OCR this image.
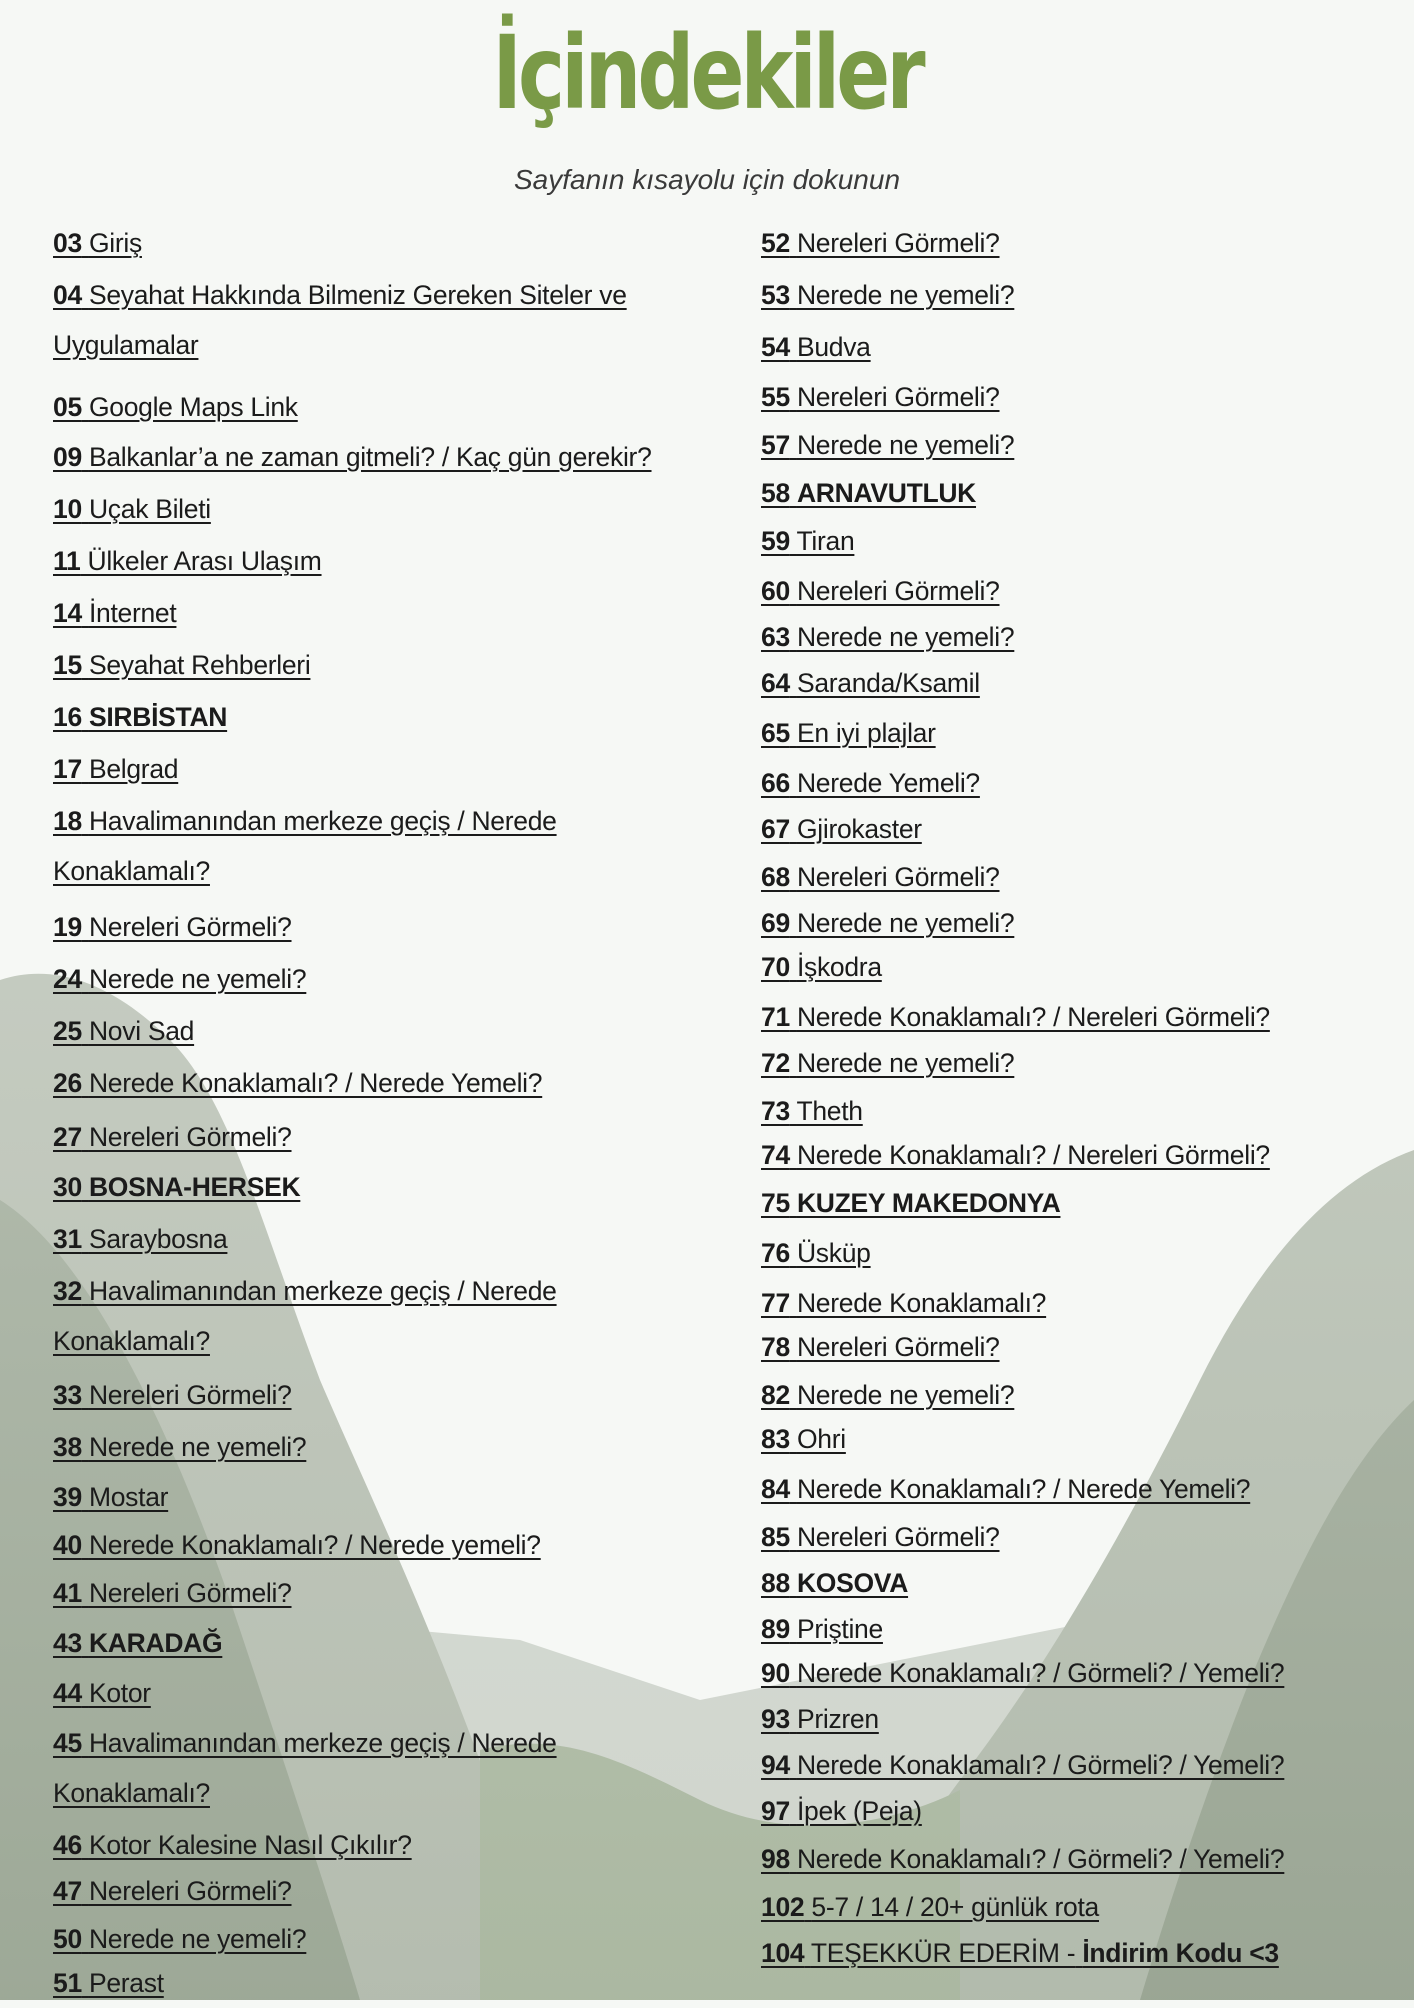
İçindekiler
Sayfanın kısayolu için dokunun
03 Giriş
04 Seyahat Hakkında Bilmeniz Gereken Siteler ve Uygulamalar
05 Google Maps Link
09 Balkanlar’a ne zaman gitmeli? / Kaç gün gerekir?
10 Uçak Bileti
11 Ülkeler Arası Ulaşım
14 İnternet
15 Seyahat Rehberleri
16 SIRBİSTAN
17 Belgrad
18 Havalimanından merkeze geçiş / Nerede Konaklamalı?
19 Nereleri Görmeli?
24 Nerede ne yemeli?
25 Novi Sad
26 Nerede Konaklamalı? / Nerede Yemeli?
27 Nereleri Görmeli?
30 BOSNA-HERSEK
31 Saraybosna
32 Havalimanından merkeze geçiş / Nerede Konaklamalı?
33 Nereleri Görmeli?
38 Nerede ne yemeli?
39 Mostar
40 Nerede Konaklamalı? / Nerede yemeli?
41 Nereleri Görmeli?
43 KARADAĞ
44 Kotor
45 Havalimanından merkeze geçiş / Nerede Konaklamalı?
46 Kotor Kalesine Nasıl Çıkılır?
47 Nereleri Görmeli?
50 Nerede ne yemeli?
51 Perast
52 Nereleri Görmeli?
53 Nerede ne yemeli?
54 Budva
55 Nereleri Görmeli?
57 Nerede ne yemeli?
58 ARNAVUTLUK
59 Tiran
60 Nereleri Görmeli?
63 Nerede ne yemeli?
64 Saranda/Ksamil
65 En iyi plajlar
66 Nerede Yemeli?
67 Gjirokaster
68 Nereleri Görmeli?
69 Nerede ne yemeli?
70 İşkodra
71 Nerede Konaklamalı? / Nereleri Görmeli?
72 Nerede ne yemeli?
73 Theth
74 Nerede Konaklamalı? / Nereleri Görmeli?
75 KUZEY MAKEDONYA
76 Üsküp
77 Nerede Konaklamalı?
78 Nereleri Görmeli?
82 Nerede ne yemeli?
83 Ohri
84 Nerede Konaklamalı? / Nerede Yemeli?
85 Nereleri Görmeli?
88 KOSOVA
89 Priştine
90 Nerede Konaklamalı? / Görmeli? / Yemeli?
93 Prizren
94 Nerede Konaklamalı? / Görmeli? / Yemeli?
97 İpek (Peja)
98 Nerede Konaklamalı? / Görmeli? / Yemeli?
102 5-7 / 14 / 20+ günlük rota
104 TEŞEKKÜR EDERİM - İndirim Kodu <3
